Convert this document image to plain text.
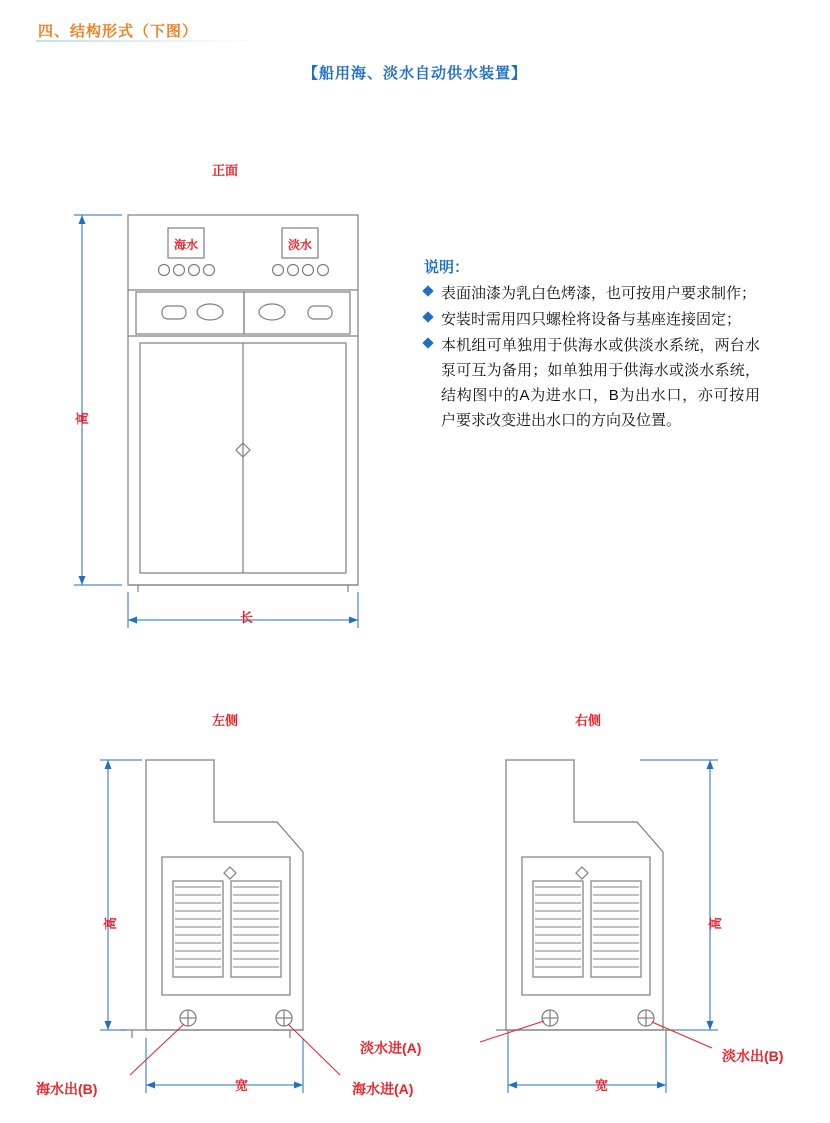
四、结构形式（下图）
【船用海、淡水自动供水装置】
正面
海水	淡水
高
长
说明：
表面油漆为乳白色烤漆，也可按用户要求制作；
安装时需用四只螺栓将设备与基座连接固定；
本机组可单独用于供海水或供淡水系统，两台水泵可互为备用；如单独用于供海水或淡水系统，结构图中的A为进水口，B为出水口，亦可按用户要求改变进出水口的方向及位置。
左侧
高
宽
海水出(B)	海水进(A)
右侧
高
宽
淡水进(A)	淡水出(B)
